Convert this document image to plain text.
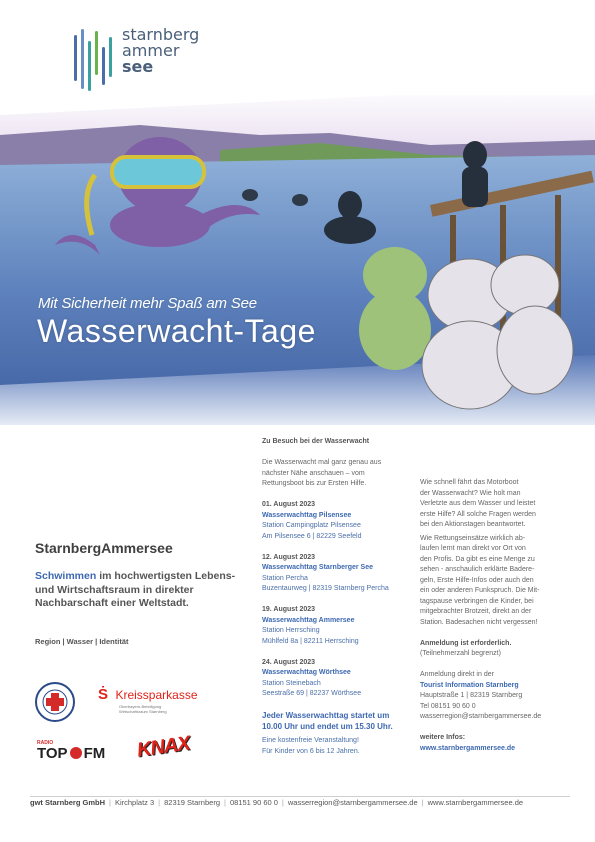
starnberg
ammer
see
Mit Sicherheit mehr Spaß am See
Wasserwacht-Tage
Zu Besuch bei der Wasserwacht
Die Wasserwacht mal ganz genau aus
nächster Nähe anschauen – vom
Rettungsboot bis zur Ersten Hilfe.
01. August 2023
Wasserwachttag Pilsensee
Station Campingplatz Pilsensee
Am Pilsensee 6 | 82229 Seefeld
12. August 2023
Wasserwachttag Starnberger See
Station Percha
Buzentaurweg | 82319 Starnberg Percha
19. August 2023
Wasserwachttag Ammersee
Station Herrsching
Mühlfeld 8a | 82211 Herrsching
24. August 2023
Wasserwachttag Wörthsee
Station Steinebach
Seestraße 69 | 82237 Wörthsee
Jeder Wasserwachttag startet um
10.00 Uhr und endet um 15.30 Uhr.
Eine kostenfreie Veranstaltung!
Für Kinder von 6 bis 12 Jahren.
Wie schnell fährt das Motorboot
der Wasserwacht? Wie holt man
Verletzte aus dem Wasser und leistet
erste Hilfe? All solche Fragen werden
bei den Aktionstagen beantwortet.
Wie Rettungseinsätze wirklich ab-
laufen lernt man direkt vor Ort von
den Profis. Da gibt es eine Menge zu
sehen - anschaulich erklärte Badere-
geln, Erste Hilfe-Infos oder auch den
ein oder anderen Funkspruch. Die Mit-
tagspause verbringen die Kinder, bei
mitgebrachter Brotzeit, direkt an der
Station. Badesachen nicht vergessen!
Anmeldung ist erforderlich.
(Teilnehmerzahl begrenzt)
Anmeldung direkt in der
Tourist Information Starnberg
Hauptstraße 1 | 82319 Starnberg
Tel 08151 90 60 0
wasserregion@starnbergammersee.de
weitere Infos:
www.starnbergammersee.de
StarnbergAmmersee
Schwimmen im hochwertigsten Lebens- und Wirtschaftsraum in direkter Nachbarschaft einer Weltstadt.
Region | Wasser | Identität
Ṡ Kreissparkasse
Oberbayern-Beteiligung
Wirtschaftsraum Starnberg
RADIO
TOP FM KNAX
gwt Starnberg GmbH | Kirchplatz 3 | 82319 Starnberg | 08151 90 60 0 | wasserregion@starnbergammersee.de | www.starnbergammersee.de
